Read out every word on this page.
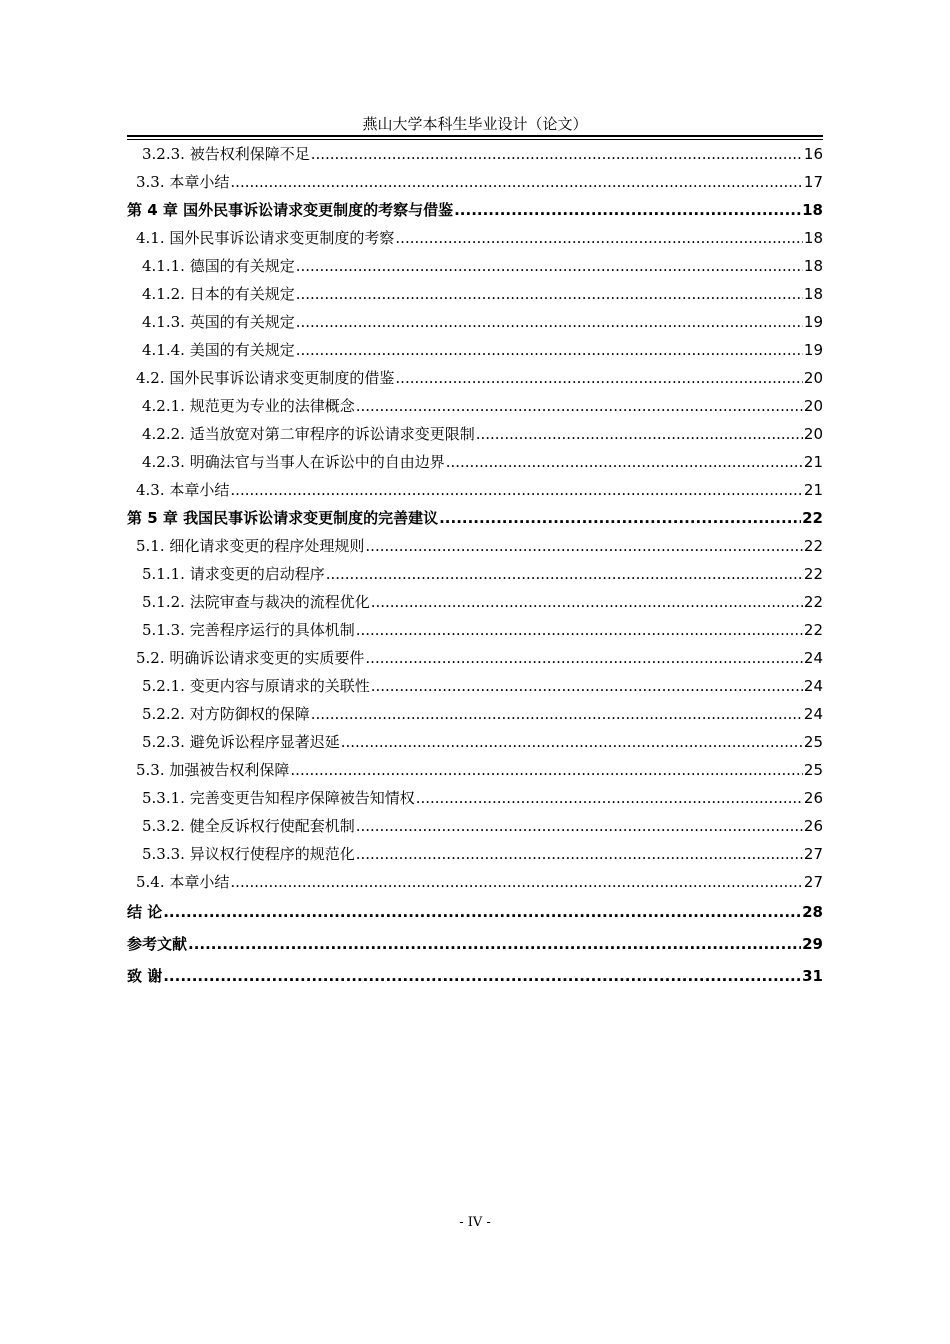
燕山大学本科生毕业设计（论文）
3.2.3. 被告权利保障不足 .....	16
3.3. 本章小结 .....	17
第 4 章 国外民事诉讼请求变更制度的考察与借鉴 .....	18
4.1. 国外民事诉讼请求变更制度的考察 .....	18
4.1.1. 德国的有关规定 .....	18
4.1.2. 日本的有关规定 .....	18
4.1.3. 英国的有关规定 .....	19
4.1.4. 美国的有关规定 .....	19
4.2. 国外民事诉讼请求变更制度的借鉴 .....	20
4.2.1. 规范更为专业的法律概念 .....	20
4.2.2. 适当放宽对第二审程序的诉讼请求变更限制 .....	20
4.2.3. 明确法官与当事人在诉讼中的自由边界 .....	21
4.3. 本章小结 .....	21
第 5 章 我国民事诉讼请求变更制度的完善建议 .....	22
5.1. 细化请求变更的程序处理规则 .....	22
5.1.1. 请求变更的启动程序 .....	22
5.1.2. 法院审查与裁决的流程优化 .....	22
5.1.3. 完善程序运行的具体机制 .....	22
5.2. 明确诉讼请求变更的实质要件 .....	24
5.2.1. 变更内容与原请求的关联性 .....	24
5.2.2. 对方防御权的保障 .....	24
5.2.3. 避免诉讼程序显著迟延 .....	25
5.3. 加强被告权利保障 .....	25
5.3.1. 完善变更告知程序保障被告知情权 .....	26
5.3.2. 健全反诉权行使配套机制 .....	26
5.3.3. 异议权行使程序的规范化 .....	27
5.4. 本章小结 .....	27
结 论 .....	28
参考文献 .....	29
致 谢 .....	31
- IV -
